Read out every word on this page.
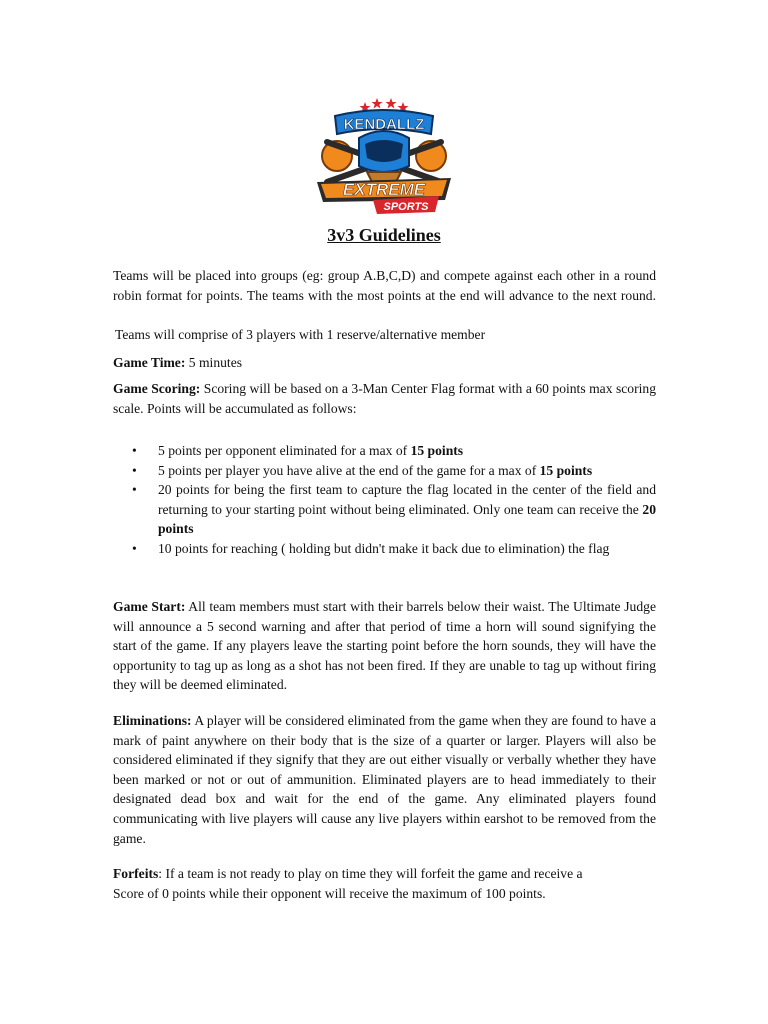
KENDALLZ
EXTREME
SPORTS
3v3 Guidelines

Teams will be placed into groups (eg: group A.B,C,D) and compete against each other in a round robin format for points. The teams with the most points at the end will advance to the next round.

Teams will comprise of 3 players with 1 reserve/alternative member

Game Time: 5 minutes

Game Scoring: Scoring will be based on a 3-Man Center Flag format with a 60 points max scoring scale. Points will be accumulated as follows:

• 5 points per opponent eliminated for a max of 15 points
• 5 points per player you have alive at the end of the game for a max of 15 points
• 20 points for being the first team to capture the flag located in the center of the field and returning to your starting point without being eliminated. Only one team can receive the 20 points
• 10 points for reaching ( holding but didn't make it back due to elimination) the flag

Game Start: All team members must start with their barrels below their waist. The Ultimate Judge will announce a 5 second warning and after that period of time a horn will sound signifying the start of the game. If any players leave the starting point before the horn sounds, they will have the opportunity to tag up as long as a shot has not been fired. If they are unable to tag up without firing they will be deemed eliminated.

Eliminations: A player will be considered eliminated from the game when they are found to have a mark of paint anywhere on their body that is the size of a quarter or larger. Players will also be considered eliminated if they signify that they are out either visually or verbally whether they have been marked or not or out of ammunition. Eliminated players are to head immediately to their designated dead box and wait for the end of the game. Any eliminated players found communicating with live players will cause any live players within earshot to be removed from the game.

Forfeits: If a team is not ready to play on time they will forfeit the game and receive a
Score of 0 points while their opponent will receive the maximum of 100 points.
